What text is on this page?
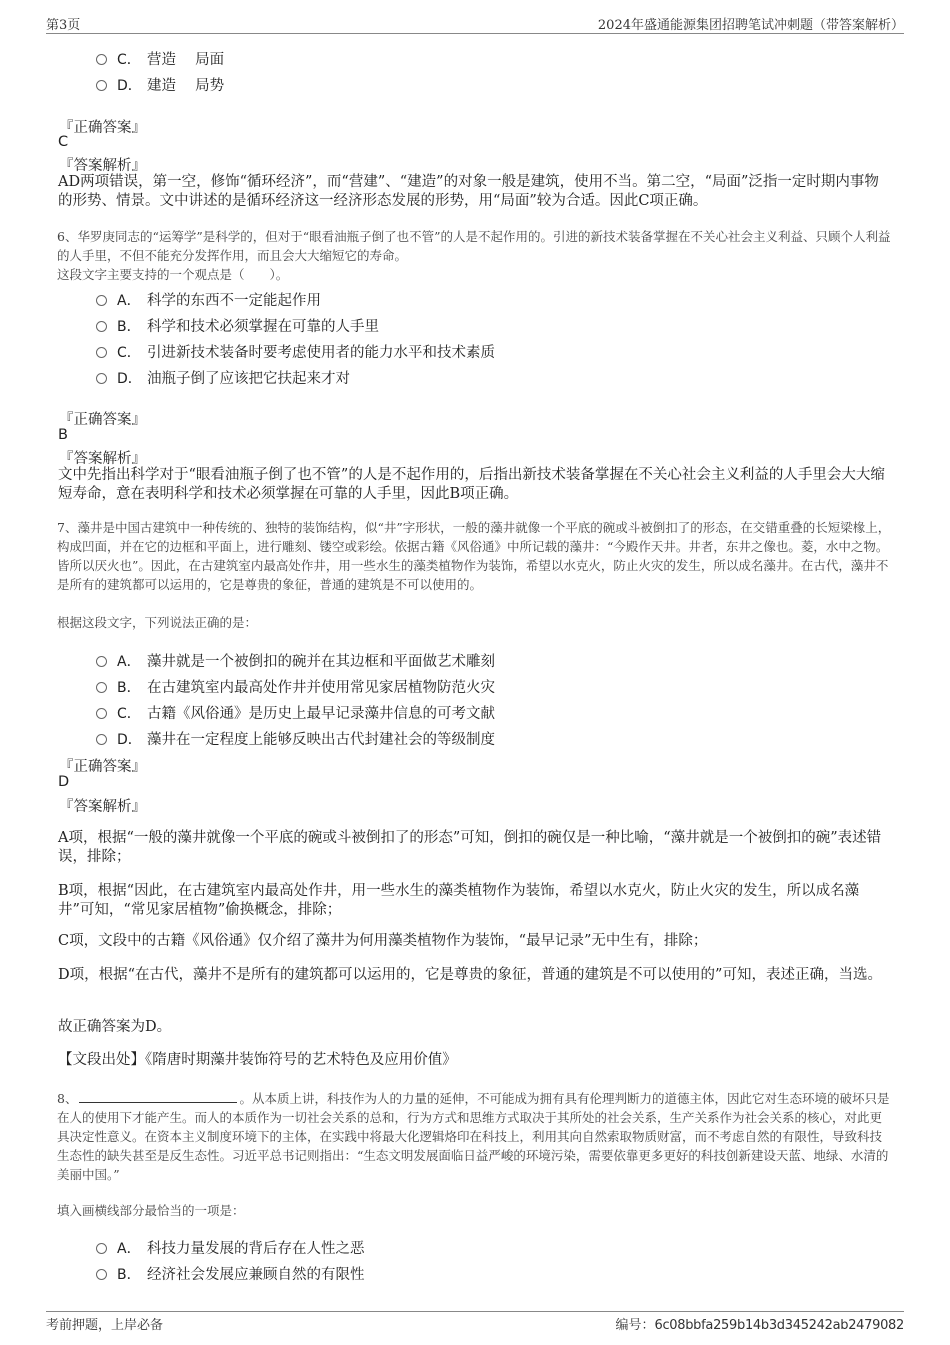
第3页	2024年盛通能源集团招聘笔试冲刺题（带答案解析）
C． 营造　 局面
D． 建造　 局势
『正确答案』
C
『答案解析』
AD两项错误，第一空，修饰“循环经济”，而“营建”、“建造”的对象一般是建筑，使用不当。第二空，“局面”泛指一定时期内事物的形势、情景。文中讲述的是循环经济这一经济形态发展的形势，用“局面”较为合适。因此C项正确。
6、华罗庚同志的“运筹学”是科学的，但对于“眼看油瓶子倒了也不管”的人是不起作用的。引进的新技术装备掌握在不关心社会主义利益、只顾个人利益的人手里，不但不能充分发挥作用，而且会大大缩短它的寿命。
这段文字主要支持的一个观点是（　　）。
A． 科学的东西不一定能起作用
B． 科学和技术必须掌握在可靠的人手里
C． 引进新技术装备时要考虑使用者的能力水平和技术素质
D． 油瓶子倒了应该把它扶起来才对
『正确答案』
B
『答案解析』
文中先指出科学对于“眼看油瓶子倒了也不管”的人是不起作用的，后指出新技术装备掌握在不关心社会主义利益的人手里会大大缩短寿命，意在表明科学和技术必须掌握在可靠的人手里，因此B项正确。
7、藻井是中国古建筑中一种传统的、独特的装饰结构，似“井”字形状，一般的藻井就像一个平底的碗或斗被倒扣了的形态，在交错重叠的长短梁椽上，构成凹面，并在它的边框和平面上，进行雕刻、镂空或彩绘。依据古籍《风俗通》中所记载的藻井：“今殿作天井。井者，东井之像也。菱，水中之物。皆所以厌火也”。因此，在古建筑室内最高处作井，用一些水生的藻类植物作为装饰，希望以水克火，防止火灾的发生，所以成名藻井。在古代，藻井不是所有的建筑都可以运用的，它是尊贵的象征，普通的建筑是不可以使用的。
根据这段文字，下列说法正确的是：
A． 藻井就是一个被倒扣的碗并在其边框和平面做艺术雕刻
B． 在古建筑室内最高处作井并使用常见家居植物防范火灾
C． 古籍《风俗通》是历史上最早记录藻井信息的可考文献
D． 藻井在一定程度上能够反映出古代封建社会的等级制度
『正确答案』
D
『答案解析』
A项，根据“一般的藻井就像一个平底的碗或斗被倒扣了的形态”可知，倒扣的碗仅是一种比喻，“藻井就是一个被倒扣的碗”表述错误，排除；
B项，根据“因此，在古建筑室内最高处作井，用一些水生的藻类植物作为装饰，希望以水克火，防止火灾的发生，所以成名藻井”可知，“常见家居植物”偷换概念，排除；
C项，文段中的古籍《风俗通》仅介绍了藻井为何用藻类植物作为装饰，“最早记录”无中生有，排除；
D项，根据“在古代，藻井不是所有的建筑都可以运用的，它是尊贵的象征，普通的建筑是不可以使用的”可知，表述正确，当选。
故正确答案为D。
【文段出处】《隋唐时期藻井装饰符号的艺术特色及应用价值》
8、	。从本质上讲，科技作为人的力量的延伸，不可能成为拥有具有伦理判断力的道德主体，因此它对生态环境的破坏只是在人的使用下才能产生。而人的本质作为一切社会关系的总和，行为方式和思维方式取决于其所处的社会关系，生产关系作为社会关系的核心，对此更具决定性意义。在资本主义制度环境下的主体，在实践中将最大化逻辑烙印在科技上，利用其向自然索取物质财富，而不考虑自然的有限性，导致科技生态性的缺失甚至是反生态性。习近平总书记则指出：“生态文明发展面临日益严峻的环境污染，需要依靠更多更好的科技创新建设天蓝、地绿、水清的美丽中国。”
填入画横线部分最恰当的一项是：
A． 科技力量发展的背后存在人性之恶
B． 经济社会发展应兼顾自然的有限性
考前押题，上岸必备	编号：6c08bbfa259b14b3d345242ab2479082
